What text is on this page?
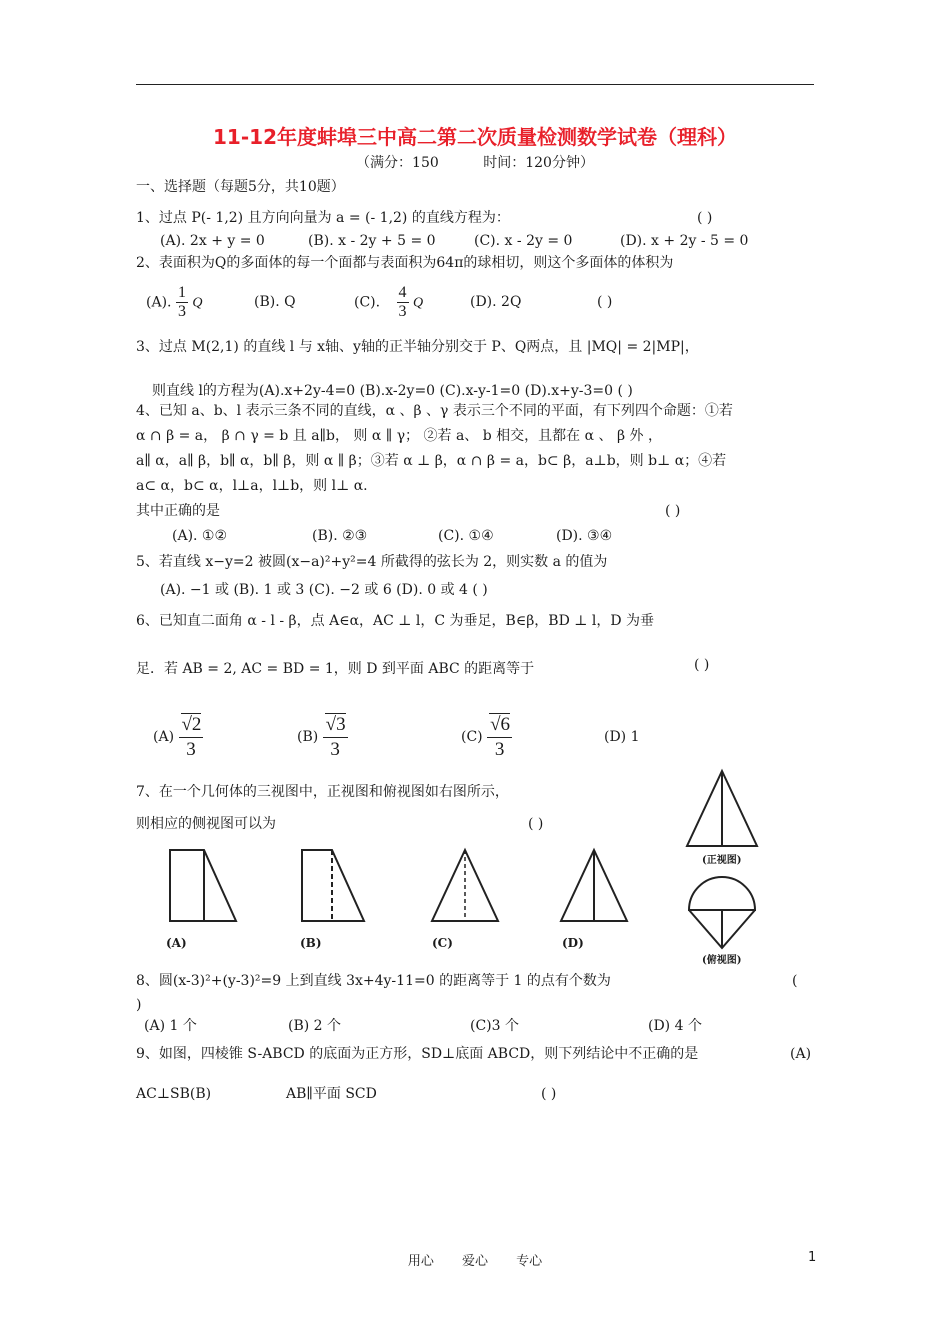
11-12年度蚌埠三中高二第二次质量检测数学试卷（理科）
（满分：150	时间：120分钟）
一、选择题（每题5分，共10题）
1、过点 P(- 1,2) 且方向向量为 a = (- 1,2) 的直线方程为：	( )
(A). 2x + y = 0	(B). x - 2y + 5 = 0	(C). x - 2y = 0	(D). x + 2y - 5 = 0
2、表面积为Q的多面体的每一个面都与表面积为64π的球相切，则这个多面体的体积为
(A). $\frac{1}{3}$ Q	(B). Q	(C). $\frac{4}{3}$ Q	(D). 2Q	( )
3、过点 M(2,1) 的直线 l 与 x轴、y轴的正半轴分别交于 P、Q两点，且 |MQ| = 2|MP|，
则直线 l的方程为(A).x+2y-4=0 (B).x-2y=0 (C).x-y-1=0 (D).x+y-3=0 ( )
4、已知 a、b、l 表示三条不同的直线，α 、β 、γ 表示三个不同的平面，有下列四个命题：①若
α ∩ β = a， β ∩ γ = b 且 a∥b， 则 α ∥ γ； ②若 a、 b 相交，且都在 α 、 β 外 ，
a∥ α，a∥ β，b∥ α，b∥ β，则 α ∥ β；③若 α ⊥ β，α ∩ β = a，b⊂ β，a⊥b，则 b⊥ α；④若
a⊂ α，b⊂ α，l⊥a，l⊥b，则 l⊥ α.
其中正确的是	( )
(A). ①②	(B). ②③	(C). ①④	(D). ③④
5、若直线 x−y=2 被圆(x−a)²+y²=4 所截得的弦长为 2，则实数 a 的值为
(A). −1 或 (B). 1 或 3 (C). −2 或 6 (D). 0 或 4 ( )
6、已知直二面角 α - l - β，点 A∈α，AC ⊥ l，C 为垂足，B∈β，BD ⊥ l，D 为垂
足．若 AB = 2, AC = BD = 1，则 D 到平面 ABC 的距离等于	( )
$(A) \frac{√2}{3}$	$(B) \frac{√3}{3}$	$(C) \frac{√6}{3}$	(D) 1
7、在一个几何体的三视图中，正视图和俯视图如右图所示，
则相应的侧视图可以为	( )
(A)	(B)	(C)	(D)
(正视图)
(俯视图)
8、圆(x-3)²+(y-3)²=9 上到直线 3x+4y-11=0 的距离等于 1 的点有个数为	(
)
(A) 1 个	(B) 2 个	(C)3 个	(D) 4 个
9、如图，四棱锥 S-ABCD 的底面为正方形，SD⊥底面 ABCD，则下列结论中不正确的是	(A)
AC⊥SB(B)	AB∥平面 SCD	( )
用心 爱心 专心	1
